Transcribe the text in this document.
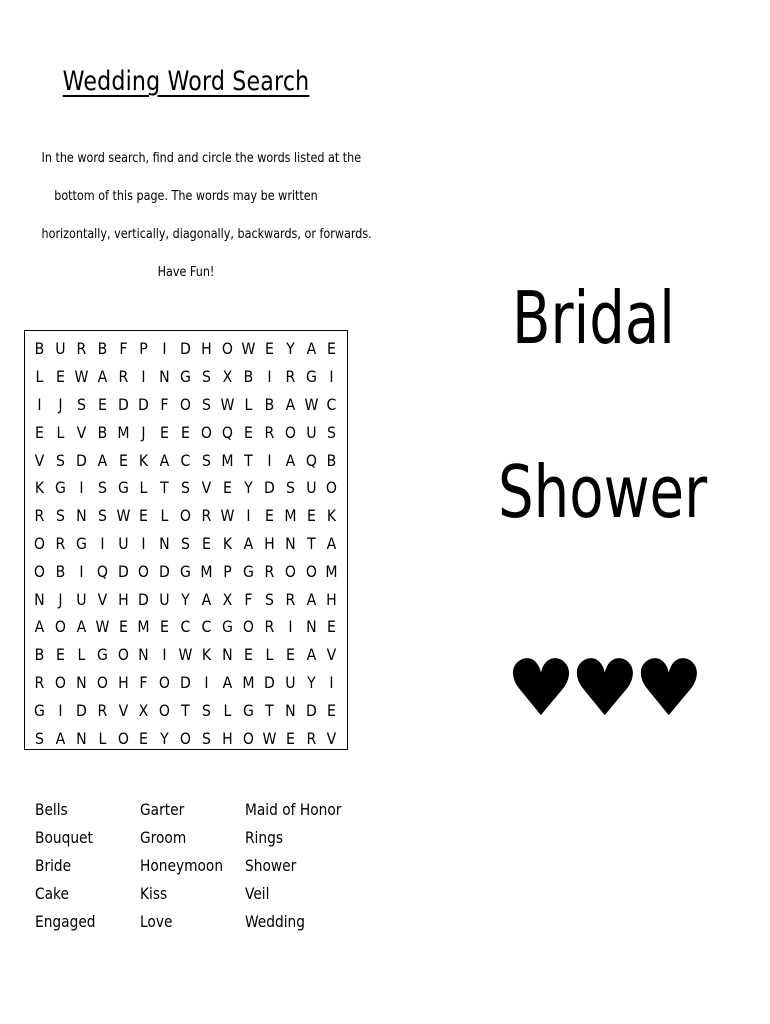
Wedding Word Search

In the word search, find and circle the words listed at the

bottom of this page. The words may be written

horizontally, vertically, diagonally, backwards, or forwards.

Have Fun!

B U R B F P I D H O W E Y A E
L E W A R I N G S X B I R G I
I	J S E D D F O S W L B A W C
E L V B M J E E O Q E R O U S
V S D A E K A C S M T I A Q B
K G I S G L T S V E Y D S U O
R S N S W E L O R W I E M E K
O R G I U I N S E K A H N T A
O B I Q D O D G M P G R O O M
N J U V H D U Y A X F S R A H
A O A W E M E C C G O R I N E
B E L G O N I W K N E L E A V
R O N O H F O D I A M D U Y I
G I D R V X O T S L G T N D E
S A N L O E Y O S H O W E R V
Bells
Bouquet
Bride
Cake
Engaged
Garter
Groom
Honeymoon
Kiss
Love
Maid of Honor
Rings
Shower
Veil
Wedding
Bridal
Shower
♥♥♥
